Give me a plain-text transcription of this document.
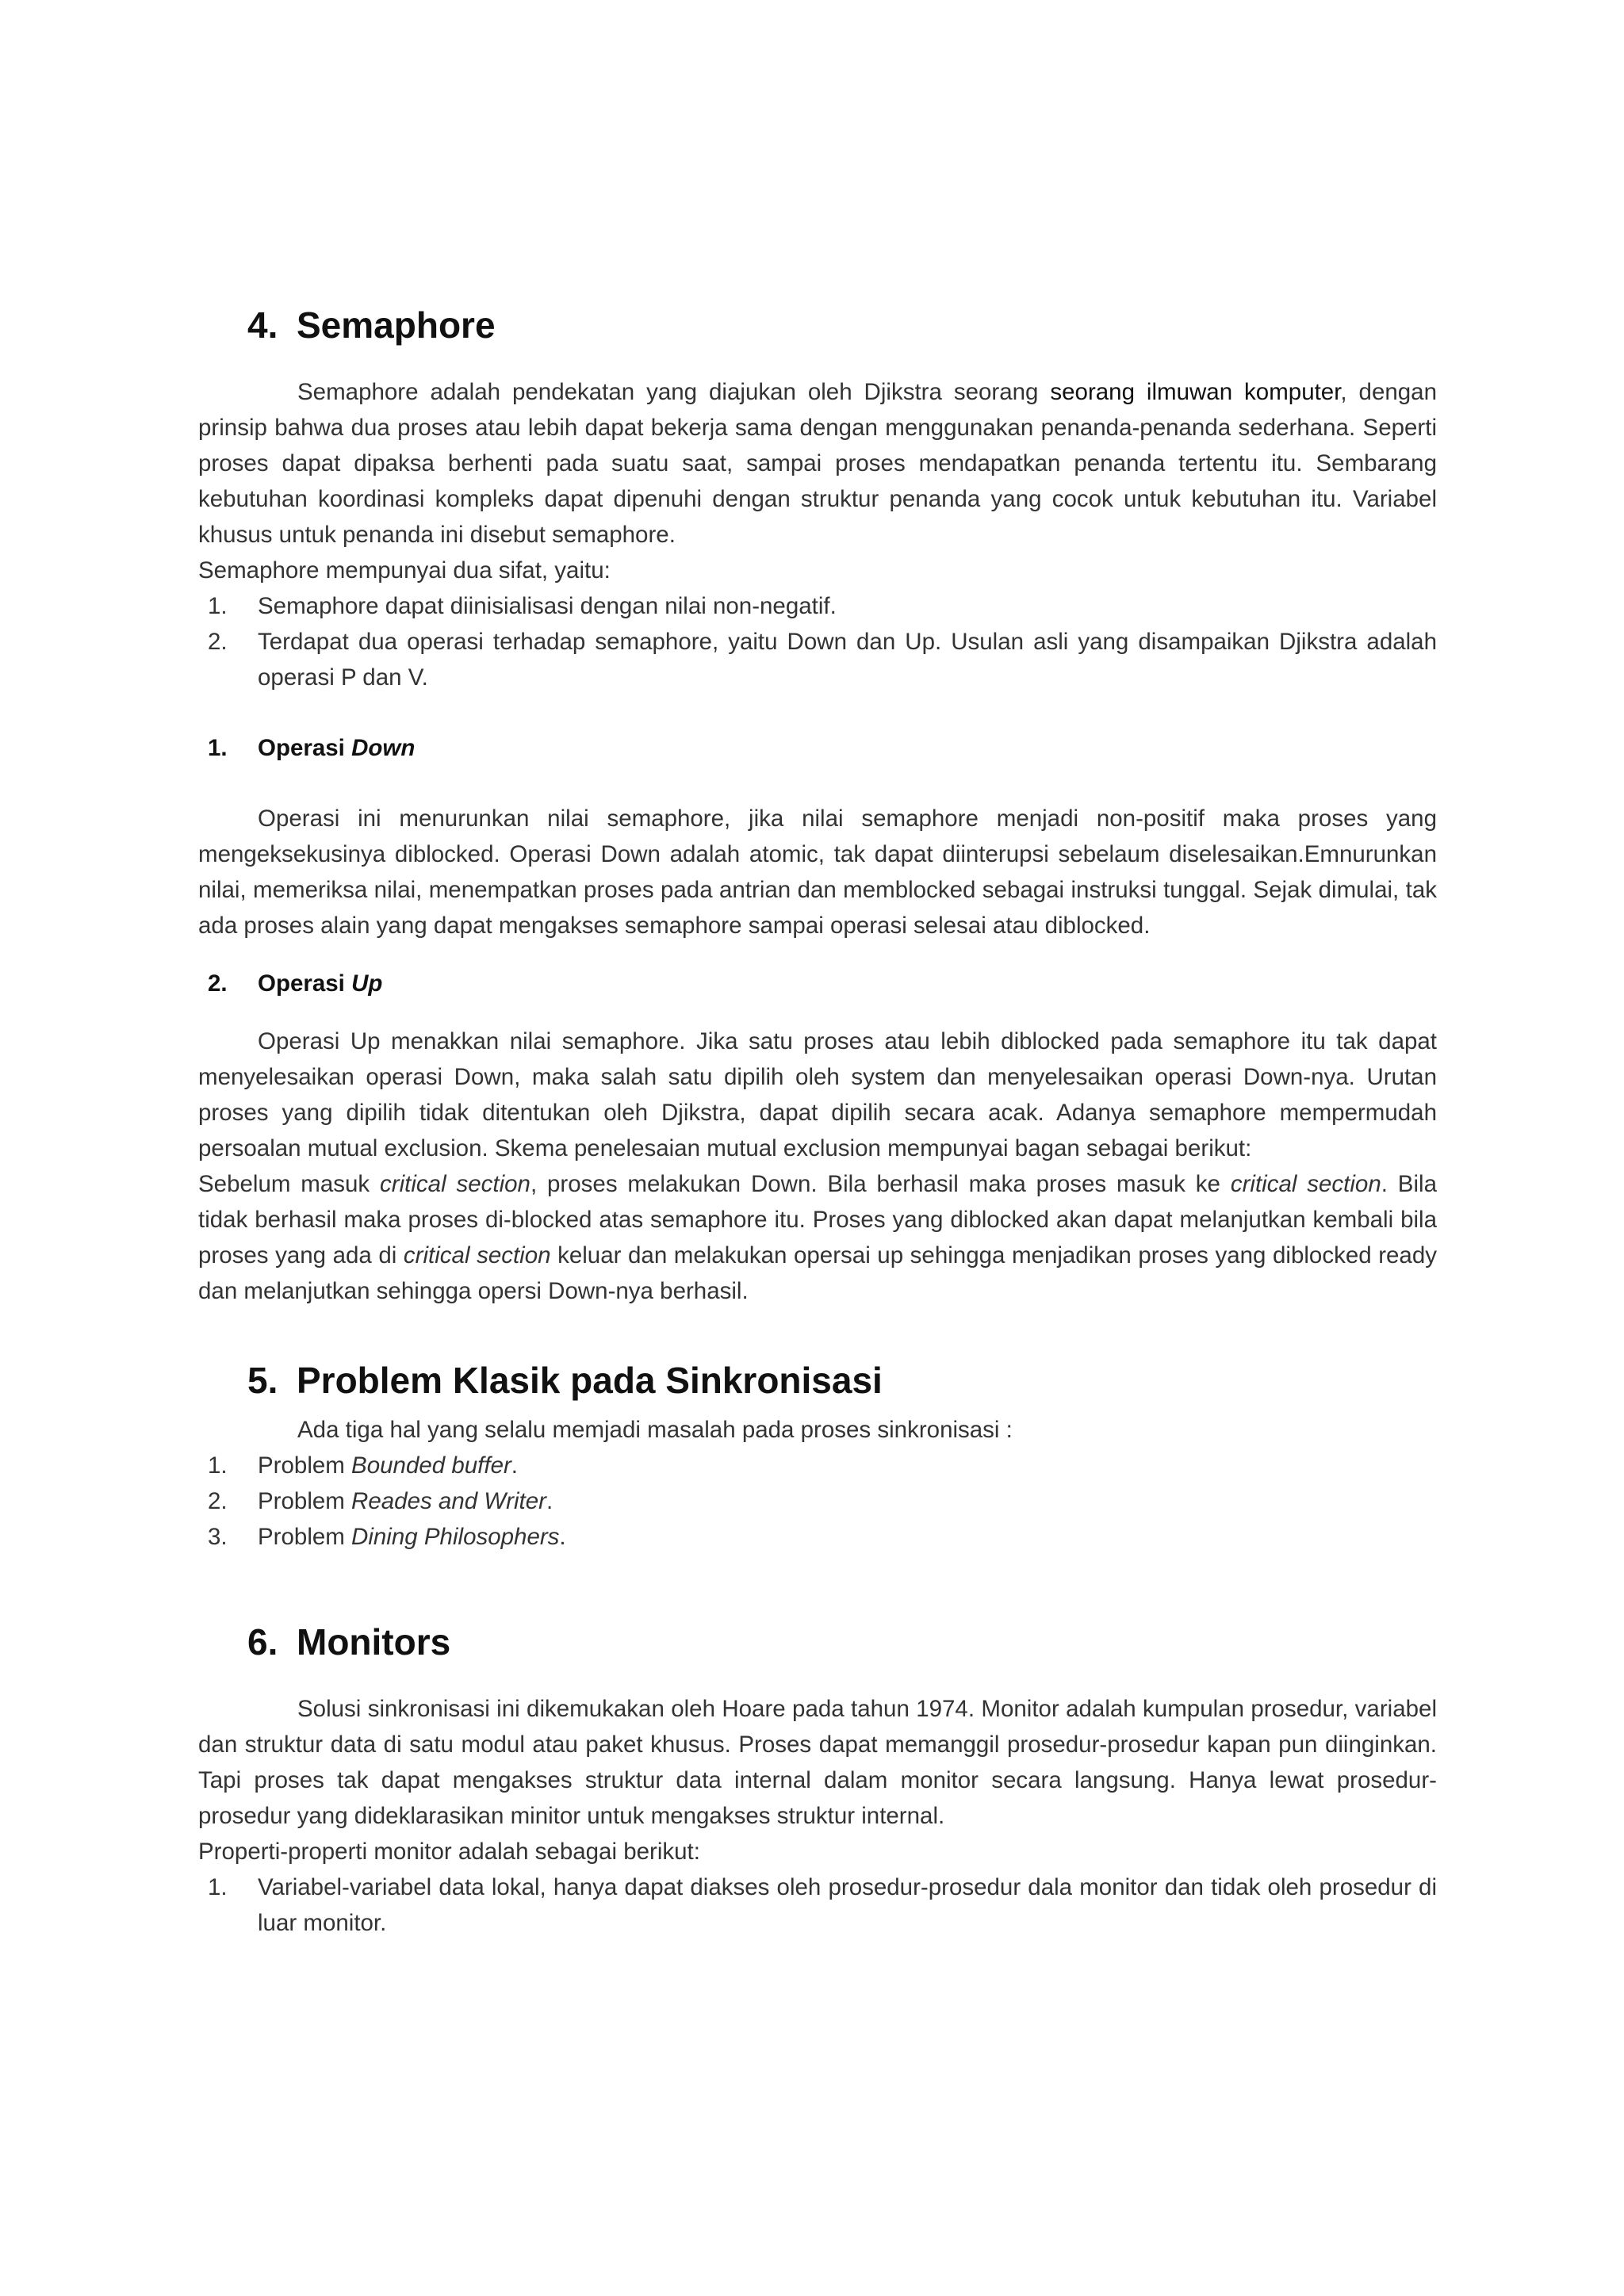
4. Semaphore

Semaphore adalah pendekatan yang diajukan oleh Djikstra seorang seorang ilmuwan komputer, dengan prinsip bahwa dua proses atau lebih dapat bekerja sama dengan menggunakan penanda-penanda sederhana. Seperti proses dapat dipaksa berhenti pada suatu saat, sampai proses mendapatkan penanda tertentu itu. Sembarang kebutuhan koordinasi kompleks dapat dipenuhi dengan struktur penanda yang cocok untuk kebutuhan itu. Variabel khusus untuk penanda ini disebut semaphore.

Semaphore mempunyai dua sifat, yaitu:

1. Semaphore dapat diinisialisasi dengan nilai non-negatif.
2. Terdapat dua operasi terhadap semaphore, yaitu Down dan Up. Usulan asli yang disampaikan Djikstra adalah operasi P dan V.

1. Operasi Down

Operasi ini menurunkan nilai semaphore, jika nilai semaphore menjadi non-positif maka proses yang mengeksekusinya diblocked. Operasi Down adalah atomic, tak dapat diinterupsi sebelaum diselesaikan.Emnurunkan nilai, memeriksa nilai, menempatkan proses pada antrian dan memblocked sebagai instruksi tunggal. Sejak dimulai, tak ada proses alain yang dapat mengakses semaphore sampai operasi selesai atau diblocked.

2. Operasi Up

Operasi Up menakkan nilai semaphore. Jika satu proses atau lebih diblocked pada semaphore itu tak dapat menyelesaikan operasi Down, maka salah satu dipilih oleh system dan menyelesaikan operasi Down-nya. Urutan proses yang dipilih tidak ditentukan oleh Djikstra, dapat dipilih secara acak. Adanya semaphore mempermudah persoalan mutual exclusion. Skema penelesaian mutual exclusion mempunyai bagan sebagai berikut:

Sebelum masuk critical section, proses melakukan Down. Bila berhasil maka proses masuk ke critical section. Bila tidak berhasil maka proses di-blocked atas semaphore itu. Proses yang diblocked akan dapat melanjutkan kembali bila proses yang ada di critical section keluar dan melakukan opersai up sehingga menjadikan proses yang diblocked ready dan melanjutkan sehingga opersi Down-nya berhasil.

5. Problem Klasik pada Sinkronisasi

Ada tiga hal yang selalu memjadi masalah pada proses sinkronisasi :

1. Problem Bounded buffer.
2. Problem Reades and Writer.
3. Problem Dining Philosophers.
6. Monitors

Solusi sinkronisasi ini dikemukakan oleh Hoare pada tahun 1974. Monitor adalah kumpulan prosedur, variabel dan struktur data di satu modul atau paket khusus. Proses dapat memanggil prosedur-prosedur kapan pun diinginkan. Tapi proses tak dapat mengakses struktur data internal dalam monitor secara langsung. Hanya lewat prosedur-prosedur yang dideklarasikan minitor untuk mengakses struktur internal.

Properti-properti monitor adalah sebagai berikut:

1. Variabel-variabel data lokal, hanya dapat diakses oleh prosedur-prosedur dala monitor dan tidak oleh prosedur di luar monitor.
